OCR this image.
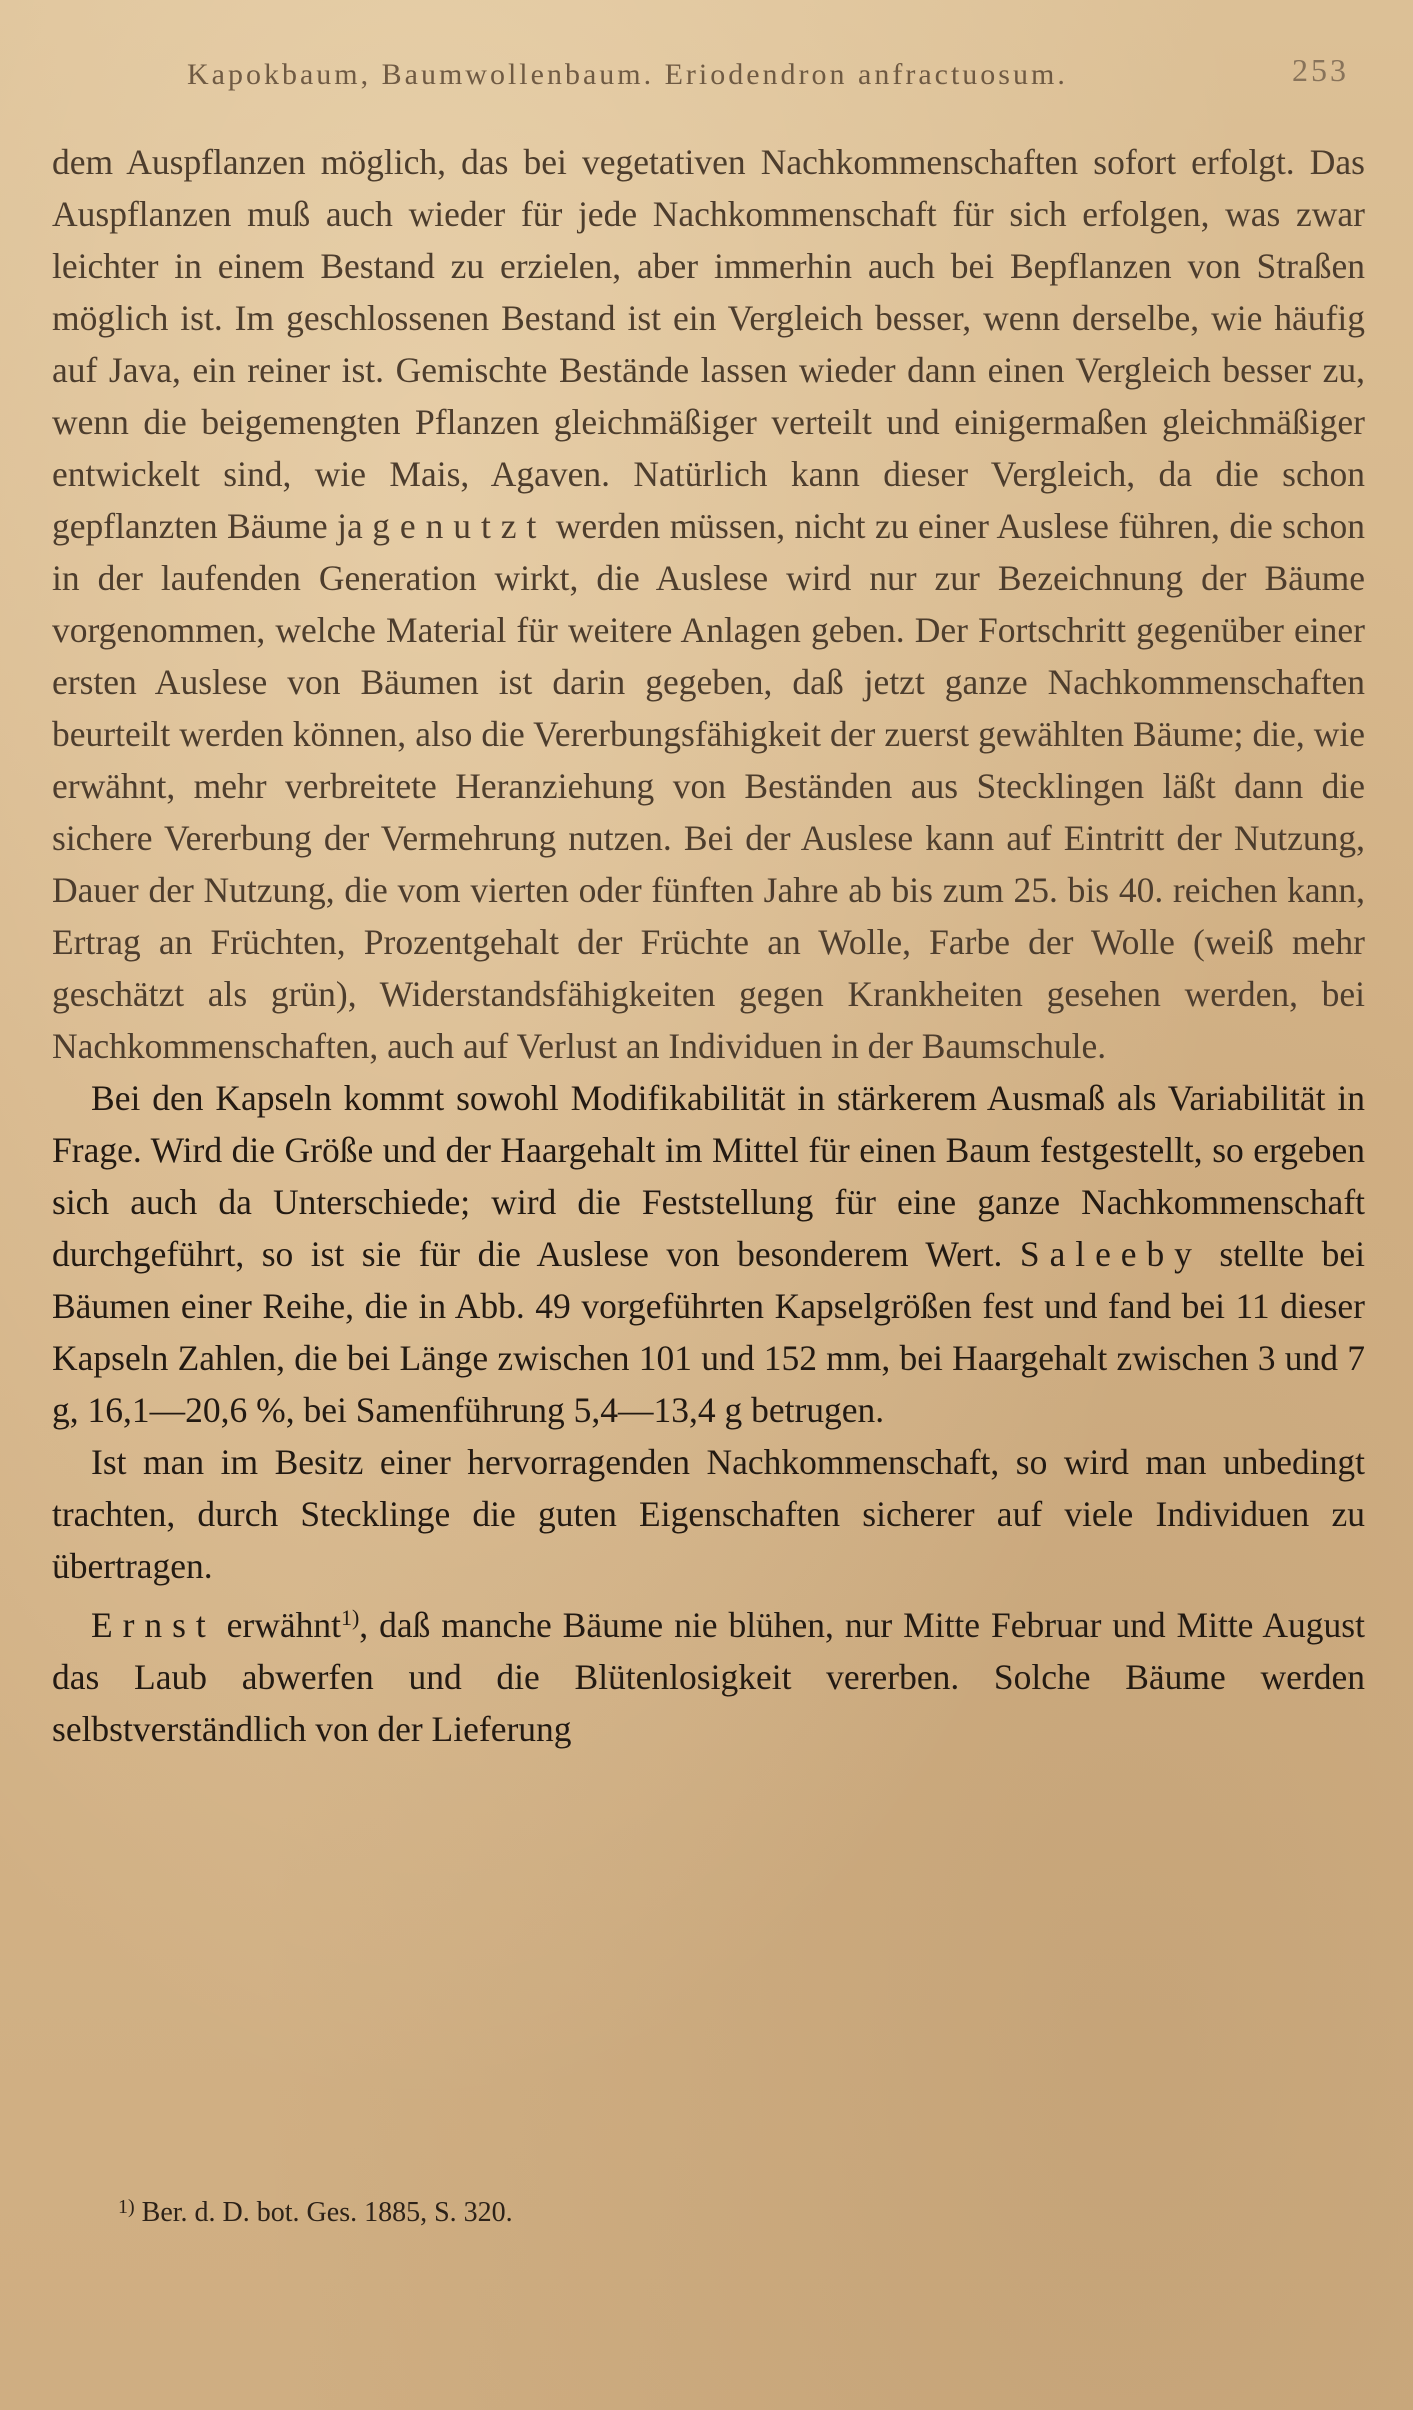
Kapokbaum, Baumwollenbaum. Eriodendron anfractuosum.	253

dem Auspflanzen möglich, das bei vegetativen Nachkommenschaften sofort erfolgt. Das Auspflanzen muß auch wieder für jede Nachkommenschaft für sich erfolgen, was zwar leichter in einem Bestand zu erzielen, aber immerhin auch bei Bepflanzen von Straßen möglich ist. Im geschlossenen Bestand ist ein Vergleich besser, wenn derselbe, wie häufig auf Java, ein reiner ist. Gemischte Bestände lassen wieder dann einen Vergleich besser zu, wenn die beigemengten Pflanzen gleichmäßiger verteilt und einigermaßen gleichmäßiger entwickelt sind, wie Mais, Agaven. Natürlich kann dieser Vergleich, da die schon gepflanzten Bäume ja genutzt werden müssen, nicht zu einer Auslese führen, die schon in der laufenden Generation wirkt, die Auslese wird nur zur Bezeichnung der Bäume vorgenommen, welche Material für weitere Anlagen geben. Der Fortschritt gegenüber einer ersten Auslese von Bäumen ist darin gegeben, daß jetzt ganze Nachkommenschaften beurteilt werden können, also die Vererbungsfähigkeit der zuerst gewählten Bäume; die, wie erwähnt, mehr verbreitete Heranziehung von Beständen aus Stecklingen läßt dann die sichere Vererbung der Vermehrung nutzen. Bei der Auslese kann auf Eintritt der Nutzung, Dauer der Nutzung, die vom vierten oder fünften Jahre ab bis zum 25. bis 40. reichen kann, Ertrag an Früchten, Prozentgehalt der Früchte an Wolle, Farbe der Wolle (weiß mehr geschätzt als grün), Widerstandsfähigkeiten gegen Krankheiten gesehen werden, bei Nachkommenschaften, auch auf Verlust an Individuen in der Baumschule.

Bei den Kapseln kommt sowohl Modifikabilität in stärkerem Ausmaß als Variabilität in Frage. Wird die Größe und der Haargehalt im Mittel für einen Baum festgestellt, so ergeben sich auch da Unterschiede; wird die Feststellung für eine ganze Nachkommenschaft durchgeführt, so ist sie für die Auslese von besonderem Wert. Saleeby stellte bei Bäumen einer Reihe, die in Abb. 49 vorgeführten Kapselgrößen fest und fand bei 11 dieser Kapseln Zahlen, die bei Länge zwischen 101 und 152 mm, bei Haargehalt zwischen 3 und 7 g, 16,1—20,6 %, bei Samenführung 5,4—13,4 g betrugen.

Ist man im Besitz einer hervorragenden Nachkommenschaft, so wird man unbedingt trachten, durch Stecklinge die guten Eigenschaften sicherer auf viele Individuen zu übertragen.

Ernst erwähnt$^{1)}$, daß manche Bäume nie blühen, nur Mitte Februar und Mitte August das Laub abwerfen und die Blütenlosigkeit vererben. Solche Bäume werden selbstverständlich von der Lieferung

$^{1)}$ Ber. d. D. bot. Ges. 1885, S. 320.
